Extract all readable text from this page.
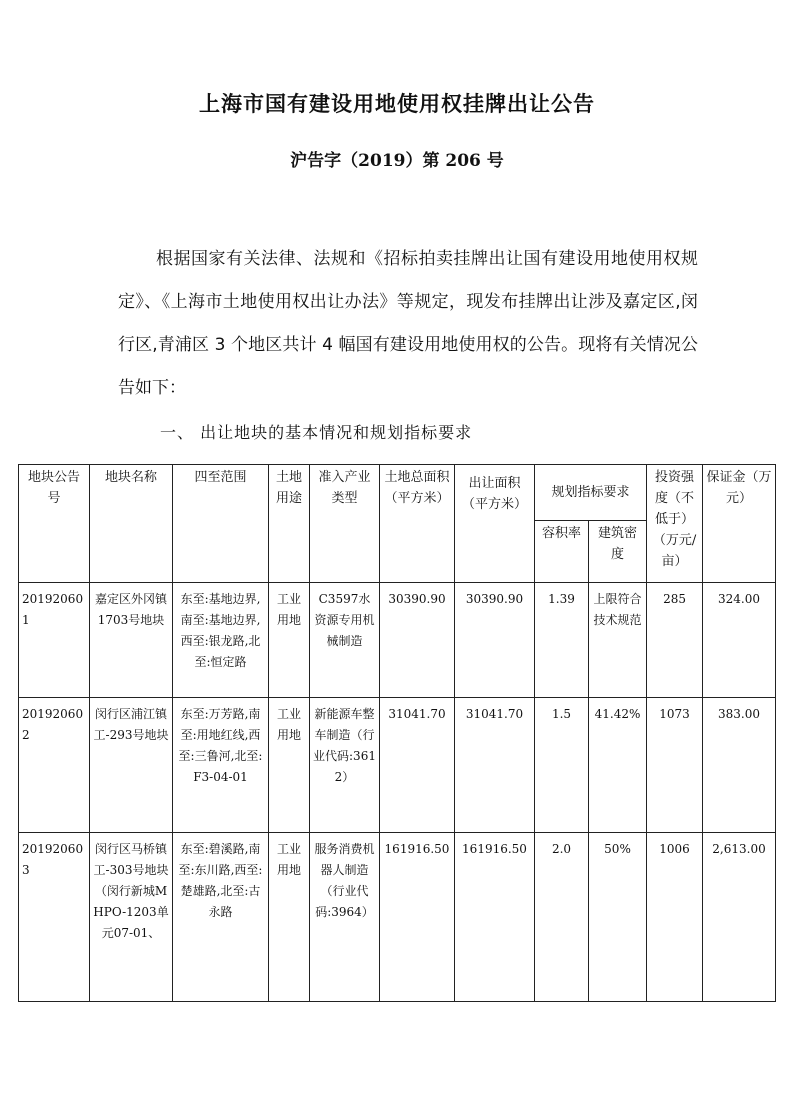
上海市国有建设用地使用权挂牌出让公告
沪告字（2019）第 206 号
根据国家有关法律、法规和《招标拍卖挂牌出让国有建设用地使用权规定》、《上海市土地使用权出让办法》等规定，现发布挂牌出让涉及嘉定区,闵行区,青浦区 3 个地区共计 4 幅国有建设用地使用权的公告。现将有关情况公告如下：
一、 出让地块的基本情况和规划指标要求
地块公告号	地块名称	四至范围	土地用途	准入产业类型	土地总面积（平方米）	出让面积（平方米）	规划指标要求		投资强度（不低于）（万元/亩）	保证金（万元）
							容积率	建筑密度		
201920601	嘉定区外冈镇1703号地块	东至:基地边界,南至:基地边界,西至:银龙路,北至:恒定路	工业用地	C3597水资源专用机械制造	30390.90	30390.90	1.39	上限符合技术规范	285	324.00
201920602	闵行区浦江镇工-293号地块	东至:万芳路,南至:用地红线,西至:三鲁河,北至:F3-04-01	工业用地	新能源车整车制造（行业代码:3612）	31041.70	31041.70	1.5	41.42%	1073	383.00
201920603	闵行区马桥镇工-303号地块（闵行新城MHPO-1203单元07-01、	东至:碧溪路,南至:东川路,西至:楚雄路,北至:古永路	工业用地	服务消费机器人制造（行业代码:3964）	161916.50	161916.50	2.0	50%	1006	2,613.00
